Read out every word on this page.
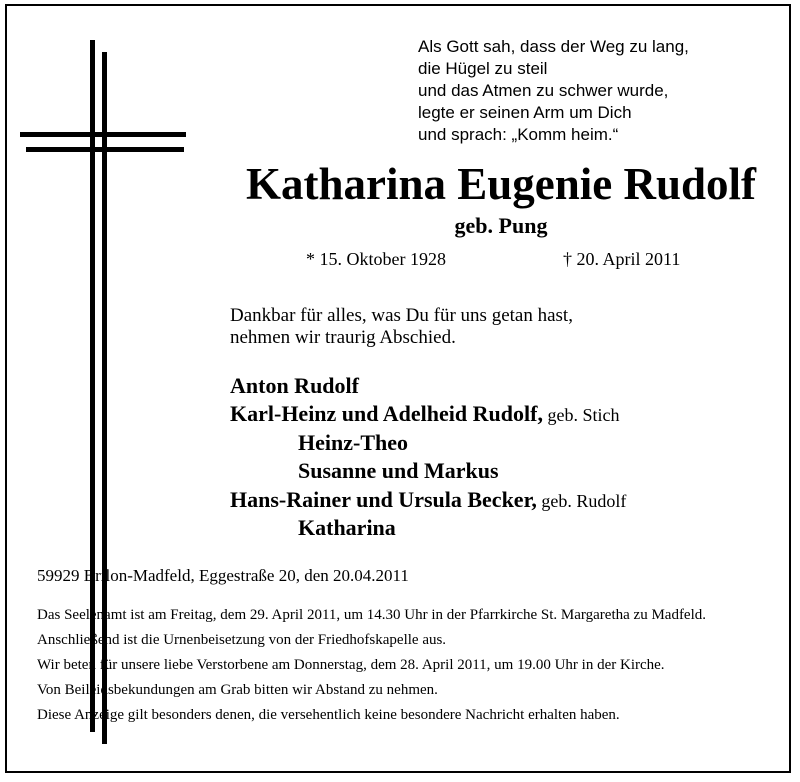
Als Gott sah, dass der Weg zu lang,
die Hügel zu steil
und das Atmen zu schwer wurde,
legte er seinen Arm um Dich
und sprach: „Komm heim.“
Katharina Eugenie Rudolf
geb. Pung
* 15. Oktober 1928	† 20. April 2011
Dankbar für alles, was Du für uns getan hast,
nehmen wir traurig Abschied.
Anton Rudolf
Karl-Heinz und Adelheid Rudolf, geb. Stich
Heinz-Theo
Susanne und Markus
Hans-Rainer und Ursula Becker, geb. Rudolf
Katharina
59929 Brilon-Madfeld, Eggestraße 20, den 20.04.2011

Das Seelenamt ist am Freitag, dem 29. April 2011, um 14.30 Uhr in der Pfarrkirche St. Margaretha zu Madfeld.

Anschließend ist die Urnenbeisetzung von der Friedhofskapelle aus.

Wir beten für unsere liebe Verstorbene am Donnerstag, dem 28. April 2011, um 19.00 Uhr in der Kirche.

Von Beileidsbekundungen am Grab bitten wir Abstand zu nehmen.

Diese Anzeige gilt besonders denen, die versehentlich keine besondere Nachricht erhalten haben.
